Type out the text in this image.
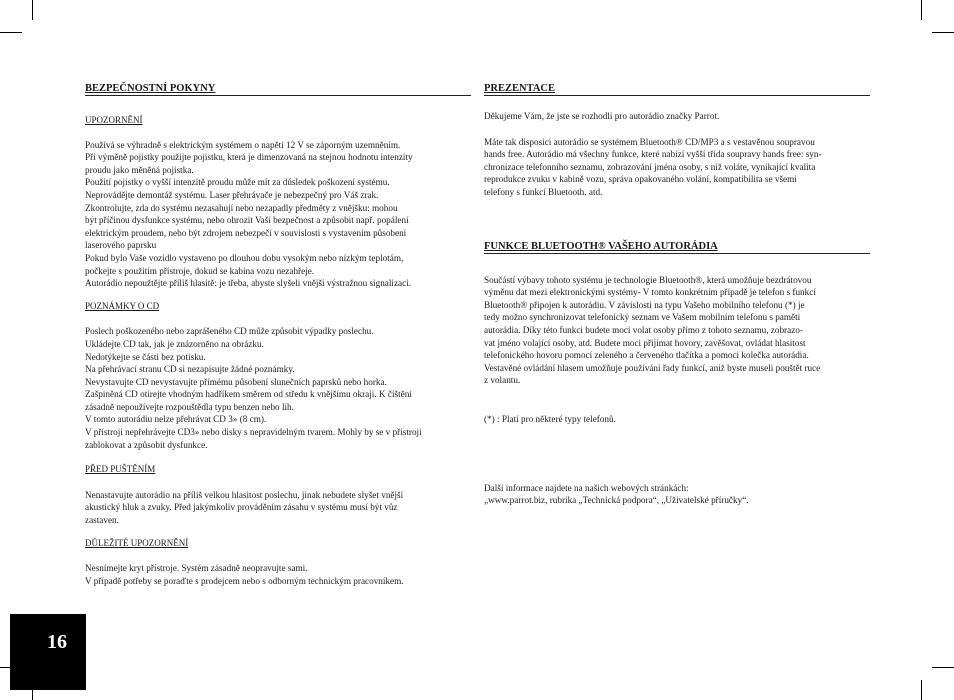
BEZPEČNOSTNÍ POKYNY

UPOZORNĚNÍ

Používá se výhradně s elektrickým systémem o napětí 12 V se záporným uzemněním.
Při výměně pojistky použijte pojistku, která je dimenzovaná na stejnou hodnotu intenzity
proudu jako měněná pojistka.
Použití pojistky o vyšší intenzitě proudu může mít za důsledek poškození systému.
Neprovádějte demontáž systému. Laser přehrávače je nebezpečný pro Váš zrak.
Zkontrolujte, zda do systému nezasahují nebo nezapadly předměty z vnějšku: mohou
být příčinou dysfunkce systému, nebo ohrozit Vaši bezpečnost a způsobit např. popálení
elektrickým proudem, nebo být zdrojem nebezpečí v souvislosti s vystavením působení
laserového paprsku
Pokud bylo Vaše vozidlo vystaveno po dlouhou dobu vysokým nebo nízkým teplotám,
počkejte s použitím přístroje, dokud se kabina vozu nezahřeje.
Autorádio nepoužtějte příliš hlasitě: je třeba, abyste slyšeli vnější výstražnou signalizaci.

POZNÁMKY O CD

Poslech poškozeného nebo zaprášeného CD může způsobit výpadky poslechu.
Ukládejte CD tak, jak je znázorněno na obrázku.
Nedotýkejte se části bez potisku.
Na přehrávací stranu CD si nezapisujte žádné poznámky.
Nevystavujte CD nevystavujte přímému působení slunečních paprsků nebo horka.
Zašpiněná CD otírejte vhodným hadříkem směrem od středu k vnějšímu okraji. K čištění
zásadně nepoužívejte rozpouštědla typu benzen nebo líh.
V tomto autorádiu nelze přehrávat CD 3» (8 cm).
V přístroji nepřehrávejte CD3» nebo disky s nepravidelným tvarem. Mohly by se v přístroji
zablokovat a způsobit dysfunkce.

PŘED PUŠTĚNÍM

Nenastavujte autorádio na příliš velkou hlasitost poslechu, jinak nebudete slyšet vnější
akustický hluk a zvuky. Před jakýmkoliv prováděním zásahu v systému musí být vůz
zastaven.

DŮLEŽITÉ UPOZORNĚNÍ

Nesnímejte kryt přístroje. Systém zásadně neopravujte sami.
V případě potřeby se poraďte s prodejcem nebo s odborným technickým pracovníkem.
PREZENTACE
Děkujeme Vám, že jste se rozhodli pro autorádio značky Parrot.
Máte tak disposici autorádio se systémem Bluetooth® CD/MP3 a s vestavěnou soupravou
hands free. Autorádio má všechny funkce, které nabízí vyšší třída soupravy hands free: syn-
chronizace telefonního seznamu, zobrazování jména osoby, s níž voláte, vynikající kvalita
reprodukce zvuku v kabině vozu, správa opakovaného volání, kompatibilita se všemi
telefony s funkcí Bluetooth. atd.
FUNKCE BLUETOOTH® VAŠEHO AUTORÁDIA
Součástí výbavy tohoto systému je technologie Bluetooth®, která umožňuje bezdrátovou
výměnu dat mezi elektronickými systémy- V tomto konkrétním případě je telefon s funkcí
Bluetooth® připojen k autorádiu. V závislosti na typu Vašeho mobilního telefonu (*) je
tedy možno synchronizovat telefonický seznam ve Vašem mobilním telefonu s paměti
autorádia. Díky této funkci budete moci volat osoby přímo z tohoto seznamu, zobrazo-
vat jméno volající osoby, atd. Budete moci přijímat hovory, zavěšovat, ovládat hlasitost
telefonického hovoru pomocí zeleného a červeného tlačítka a pomoci kolečka autorádia.
Vestavěné ovládání hlasem umožňuje používání řady funkcí, aniž byste museli pouštět ruce
z volantu.

(*) : Platí pro některé typy telefonů.

Další informace najdete na našich webových stránkách:
„www.parrot.biz, rubrika „Technická podpora“, „Uživatelské příručky“.
16
